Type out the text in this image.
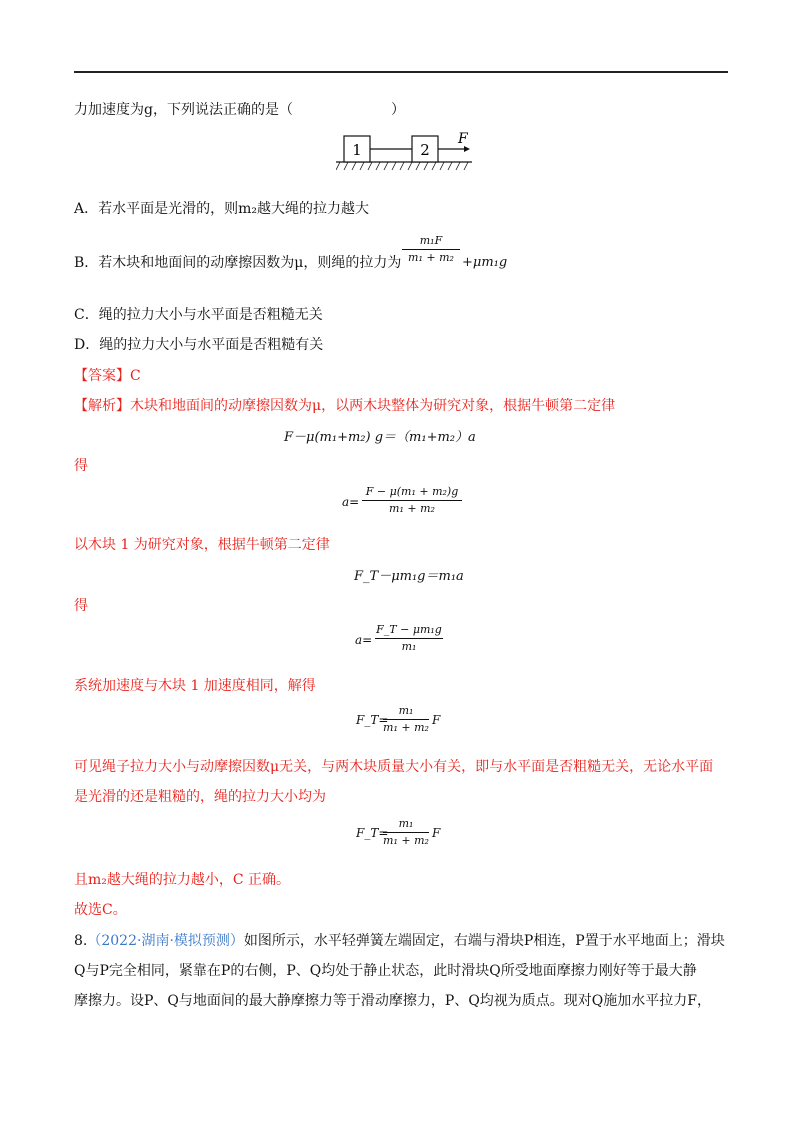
力加速度为g，下列说法正确的是（　　　　　　　）
1	2
F
A．若水平面是光滑的，则m₂越大绳的拉力越大
B．若木块和地面间的动摩擦因数为μ，则绳的拉力为
m₁F
m₁ + m₂ +μm₁g
C．绳的拉力大小与水平面是否粗糙无关
D．绳的拉力大小与水平面是否粗糙有关
【答案】C
【解析】木块和地面间的动摩擦因数为μ，以两木块整体为研究对象，根据牛顿第二定律
F－μ(m₁+m₂) g＝（m₁+m₂）a
得
a=
F − μ(m₁ + m₂)g
m₁ + m₂
以木块 1 为研究对象，根据牛顿第二定律
F_T－μm₁g＝m₁a
得
a=
F_T − μm₁g
m₁
系统加速度与木块 1 加速度相同，解得
F_T=
m₁
m₁ + m₂
F
可见绳子拉力大小与动摩擦因数μ无关，与两木块质量大小有关，即与水平面是否粗糙无关，无论水平面
是光滑的还是粗糙的，绳的拉力大小均为
F_T=
m₁
m₁ + m₂
F
且m₂越大绳的拉力越小，C 正确。
故选C。
8.（2022·湖南·模拟预测）如图所示，水平轻弹簧左端固定，右端与滑块P相连，P置于水平地面上；滑块
Q与P完全相同，紧靠在P的右侧，P、Q均处于静止状态，此时滑块Q所受地面摩擦力刚好等于最大静
摩擦力。设P、Q与地面间的最大静摩擦力等于滑动摩擦力，P、Q均视为质点。现对Q施加水平拉力F，
